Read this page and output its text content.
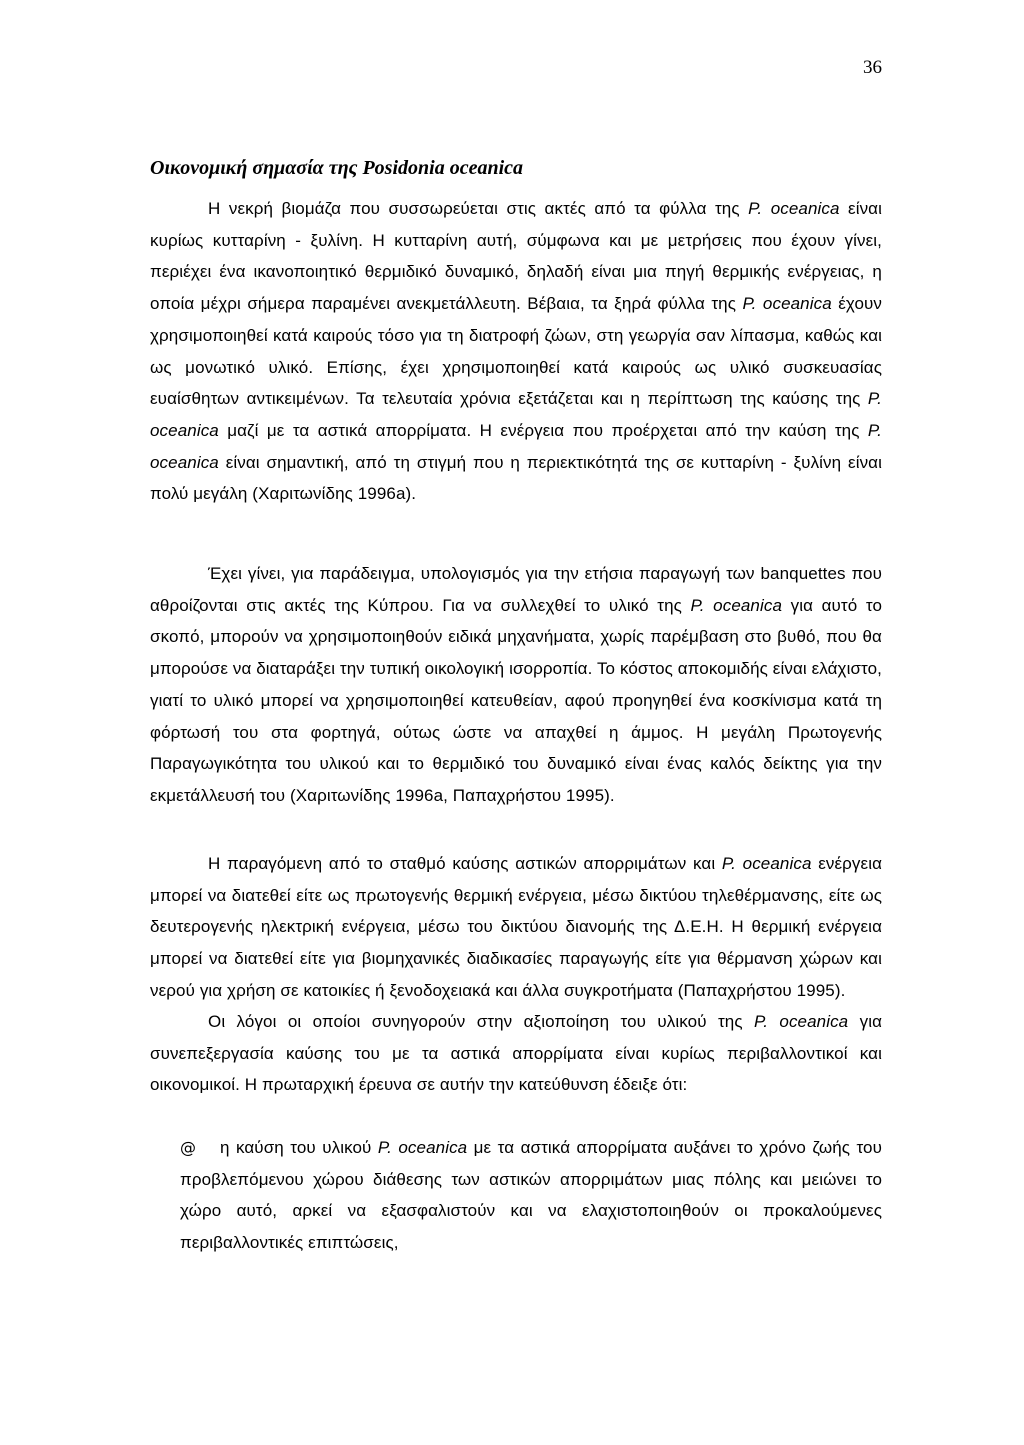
36
Οικονομική σημασία της Posidonia oceanica
Η νεκρή βιομάζα που συσσωρεύεται στις ακτές από τα φύλλα της P. oceanica είναι κυρίως κυτταρίνη - ξυλίνη. Η κυτταρίνη αυτή, σύμφωνα και με μετρήσεις που έχουν γίνει, περιέχει ένα ικανοποιητικό θερμιδικό δυναμικό, δηλαδή είναι μια πηγή θερμικής ενέργειας, η οποία μέχρι σήμερα παραμένει ανεκμετάλλευτη. Βέβαια, τα ξηρά φύλλα της P. oceanica έχουν χρησιμοποιηθεί κατά καιρούς τόσο για τη διατροφή ζώων, στη γεωργία σαν λίπασμα, καθώς και ως μονωτικό υλικό. Επίσης, έχει χρησιμοποιηθεί κατά καιρούς ως υλικό συσκευασίας ευαίσθητων αντικειμένων. Τα τελευταία χρόνια εξετάζεται και η περίπτωση της καύσης της P. oceanica μαζί με τα αστικά απορρίματα. Η ενέργεια που προέρχεται από την καύση της P. oceanica είναι σημαντική, από τη στιγμή που η περιεκτικότητά της σε κυτταρίνη - ξυλίνη είναι πολύ μεγάλη (Χαριτωνίδης 1996a).
Έχει γίνει, για παράδειγμα, υπολογισμός για την ετήσια παραγωγή των banquettes που αθροίζονται στις ακτές της Κύπρου. Για να συλλεχθεί το υλικό της P. oceanica για αυτό το σκοπό, μπορούν να χρησιμοποιηθούν ειδικά μηχανήματα, χωρίς παρέμβαση στο βυθό, που θα μπορούσε να διαταράξει την τυπική οικολογική ισορροπία. Το κόστος αποκομιδής είναι ελάχιστο, γιατί το υλικό μπορεί να χρησιμοποιηθεί κατευθείαν, αφού προηγηθεί ένα κοσκίνισμα κατά τη φόρτωσή του στα φορτηγά, ούτως ώστε να απαχθεί η άμμος. Η μεγάλη Πρωτογενής Παραγωγικότητα του υλικού και το θερμιδικό του δυναμικό είναι ένας καλός δείκτης για την εκμετάλλευσή του (Χαριτωνίδης 1996a, Παπαχρήστου 1995).
Η παραγόμενη από το σταθμό καύσης αστικών απορριμάτων και P. oceanica ενέργεια μπορεί να διατεθεί είτε ως πρωτογενής θερμική ενέργεια, μέσω δικτύου τηλεθέρμανσης, είτε ως δευτερογενής ηλεκτρική ενέργεια, μέσω του δικτύου διανομής της Δ.Ε.Η. Η θερμική ενέργεια μπορεί να διατεθεί είτε για βιομηχανικές διαδικασίες παραγωγής είτε για θέρμανση χώρων και νερού για χρήση σε κατοικίες ή ξενοδοχειακά και άλλα συγκροτήματα (Παπαχρήστου 1995).
Οι λόγοι οι οποίοι συνηγορούν στην αξιοποίηση του υλικού της P. oceanica για συνεπεξεργασία καύσης του με τα αστικά απορρίματα είναι κυρίως περιβαλλοντικοί και οικονομικοί. Η πρωταρχική έρευνα σε αυτήν την κατεύθυνση έδειξε ότι:
@ η καύση του υλικού P. oceanica με τα αστικά απορρίματα αυξάνει το χρόνο ζωής του προβλεπόμενου χώρου διάθεσης των αστικών απορριμάτων μιας πόλης και μειώνει το χώρο αυτό, αρκεί να εξασφαλιστούν και να ελαχιστοποιηθούν οι προκαλούμενες περιβαλλοντικές επιπτώσεις,
